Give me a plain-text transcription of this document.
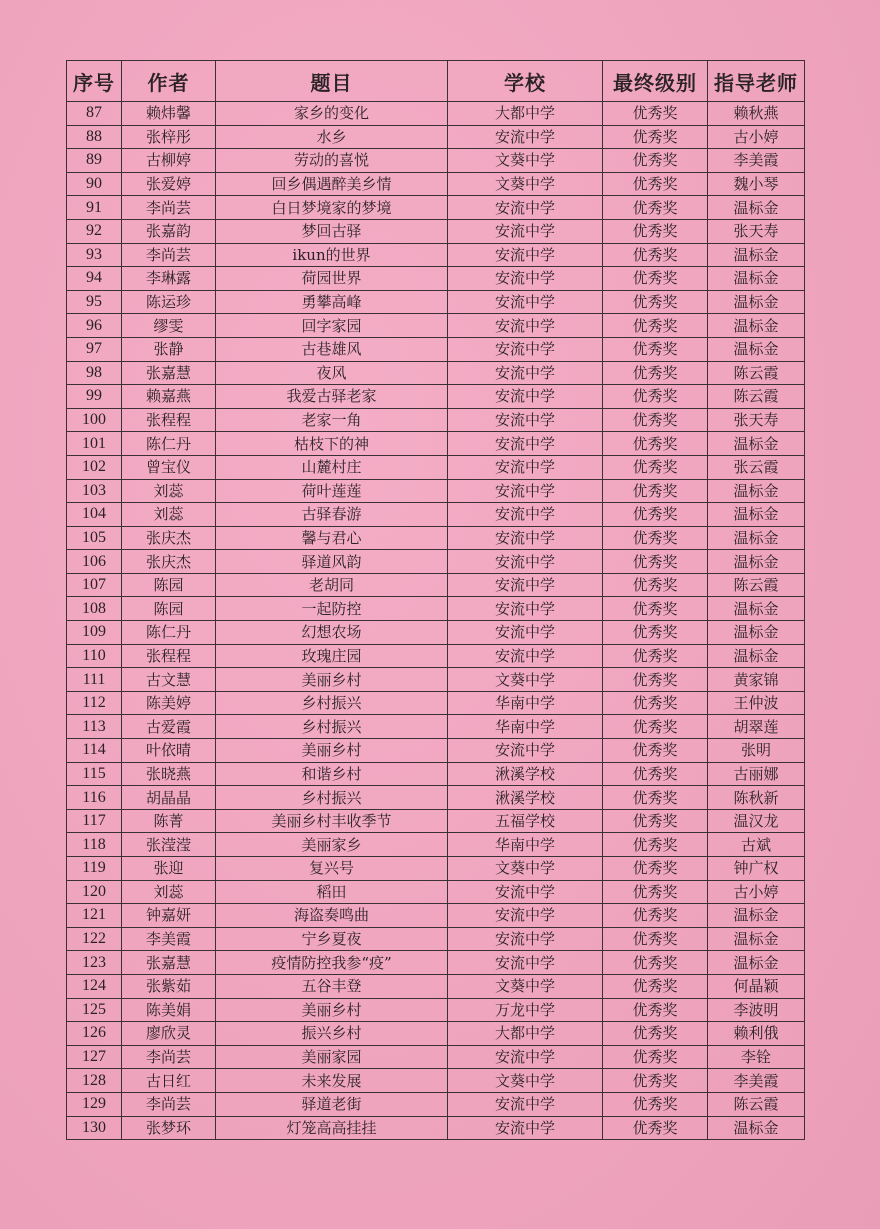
序号	作者	题目	学校	最终级别	指导老师
87	赖炜馨	家乡的变化	大都中学	优秀奖	赖秋燕
88	张梓彤	水乡	安流中学	优秀奖	古小婷
89	古柳婷	劳动的喜悦	文葵中学	优秀奖	李美霞
90	张爱婷	回乡偶遇醉美乡情	文葵中学	优秀奖	魏小琴
91	李尚芸	白日梦境家的梦境	安流中学	优秀奖	温标金
92	张嘉韵	梦回古驿	安流中学	优秀奖	张天寿
93	李尚芸	ikun的世界	安流中学	优秀奖	温标金
94	李琳露	荷园世界	安流中学	优秀奖	温标金
95	陈运珍	勇攀高峰	安流中学	优秀奖	温标金
96	缪雯	回字家园	安流中学	优秀奖	温标金
97	张静	古巷雄风	安流中学	优秀奖	温标金
98	张嘉慧	夜风	安流中学	优秀奖	陈云霞
99	赖嘉燕	我爱古驿老家	安流中学	优秀奖	陈云霞
100	张程程	老家一角	安流中学	优秀奖	张天寿
101	陈仁丹	枯枝下的神	安流中学	优秀奖	温标金
102	曾宝仪	山麓村庄	安流中学	优秀奖	张云霞
103	刘蕊	荷叶莲莲	安流中学	优秀奖	温标金
104	刘蕊	古驿春游	安流中学	优秀奖	温标金
105	张庆杰	馨与君心	安流中学	优秀奖	温标金
106	张庆杰	驿道风韵	安流中学	优秀奖	温标金
107	陈园	老胡同	安流中学	优秀奖	陈云霞
108	陈园	一起防控	安流中学	优秀奖	温标金
109	陈仁丹	幻想农场	安流中学	优秀奖	温标金
110	张程程	玫瑰庄园	安流中学	优秀奖	温标金
111	古文慧	美丽乡村	文葵中学	优秀奖	黄家锦
112	陈美婷	乡村振兴	华南中学	优秀奖	王仲波
113	古爱霞	乡村振兴	华南中学	优秀奖	胡翠莲
114	叶依晴	美丽乡村	安流中学	优秀奖	张明
115	张晓燕	和谐乡村	湫溪学校	优秀奖	古丽娜
116	胡晶晶	乡村振兴	湫溪学校	优秀奖	陈秋新
117	陈菁	美丽乡村丰收季节	五福学校	优秀奖	温汉龙
118	张滢滢	美丽家乡	华南中学	优秀奖	古斌
119	张迎	复兴号	文葵中学	优秀奖	钟广权
120	刘蕊	稻田	安流中学	优秀奖	古小婷
121	钟嘉妍	海盗奏鸣曲	安流中学	优秀奖	温标金
122	李美霞	宁乡夏夜	安流中学	优秀奖	温标金
123	张嘉慧	疫情防控我参“疫”	安流中学	优秀奖	温标金
124	张紫茹	五谷丰登	文葵中学	优秀奖	何晶颖
125	陈美娟	美丽乡村	万龙中学	优秀奖	李波明
126	廖欣灵	振兴乡村	大都中学	优秀奖	赖利俄
127	李尚芸	美丽家园	安流中学	优秀奖	李铨
128	古日红	未来发展	文葵中学	优秀奖	李美霞
129	李尚芸	驿道老街	安流中学	优秀奖	陈云霞
130	张梦环	灯笼高高挂挂	安流中学	优秀奖	温标金
